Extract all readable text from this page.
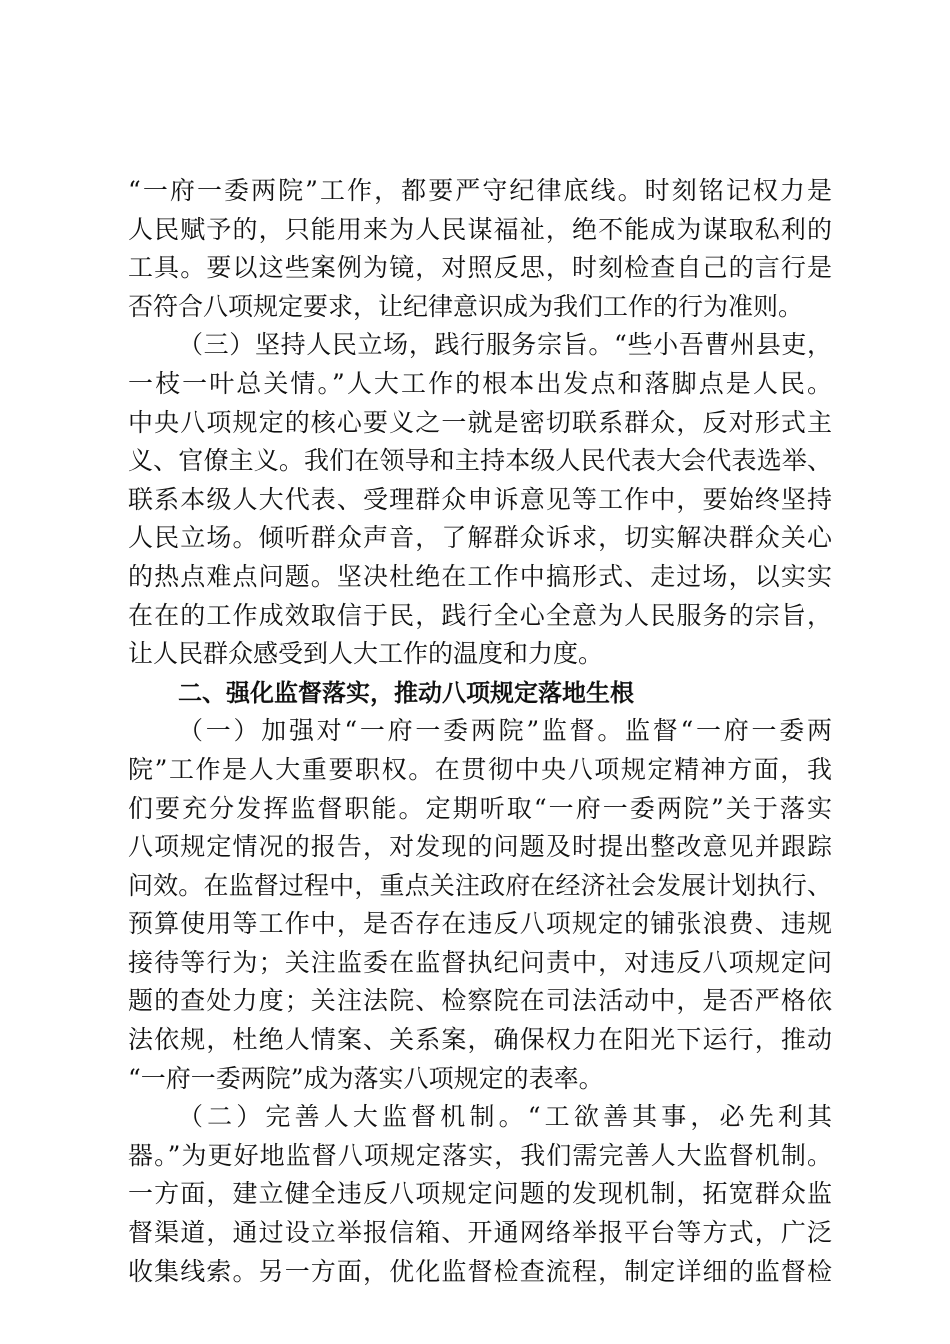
“一府一委两院”工作，都要严守纪律底线。时刻铭记权力是
人民赋予的，只能用来为人民谋福祉，绝不能成为谋取私利的
工具。要以这些案例为镜，对照反思，时刻检查自己的言行是
否符合八项规定要求，让纪律意识成为我们工作的行为准则。
（三）坚持人民立场，践行服务宗旨。“些小吾曹州县吏，
一枝一叶总关情。”人大工作的根本出发点和落脚点是人民。
中央八项规定的核心要义之一就是密切联系群众，反对形式主
义、官僚主义。我们在领导和主持本级人民代表大会代表选举、
联系本级人大代表、受理群众申诉意见等工作中，要始终坚持
人民立场。倾听群众声音，了解群众诉求，切实解决群众关心
的热点难点问题。坚决杜绝在工作中搞形式、走过场，以实实
在在的工作成效取信于民，践行全心全意为人民服务的宗旨，
让人民群众感受到人大工作的温度和力度。
二、强化监督落实，推动八项规定落地生根
（一）加强对“一府一委两院”监督。监督“一府一委两
院”工作是人大重要职权。在贯彻中央八项规定精神方面，我
们要充分发挥监督职能。定期听取“一府一委两院”关于落实
八项规定情况的报告，对发现的问题及时提出整改意见并跟踪
问效。在监督过程中，重点关注政府在经济社会发展计划执行、
预算使用等工作中，是否存在违反八项规定的铺张浪费、违规
接待等行为；关注监委在监督执纪问责中，对违反八项规定问
题的查处力度；关注法院、检察院在司法活动中，是否严格依
法依规，杜绝人情案、关系案，确保权力在阳光下运行，推动
“一府一委两院”成为落实八项规定的表率。
（二）完善人大监督机制。“工欲善其事，必先利其
器。”为更好地监督八项规定落实，我们需完善人大监督机制。
一方面，建立健全违反八项规定问题的发现机制，拓宽群众监
督渠道，通过设立举报信箱、开通网络举报平台等方式，广泛
收集线索。另一方面，优化监督检查流程，制定详细的监督检
